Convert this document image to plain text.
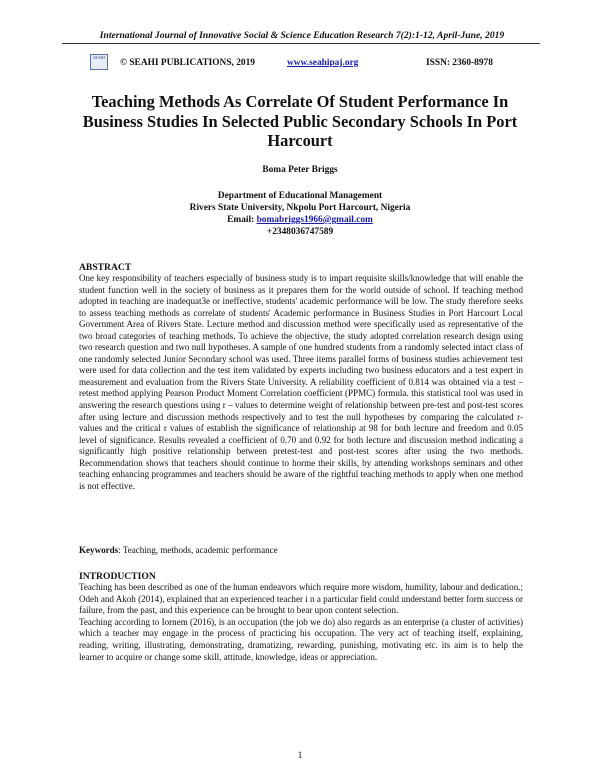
International Journal of Innovative Social & Science Education Research 7(2):1-12, April-June, 2019
SEAHI
© SEAHI PUBLICATIONS, 2019	www.seahipaj.org	ISSN: 2360-8978
Teaching Methods As Correlate Of Student Performance In Business Studies In Selected Public Secondary Schools In Port Harcourt
Boma Peter Briggs
Department of Educational Management
Rivers State University, Nkpolu Port Harcourt, Nigeria
Email: bomabriggs1966@gmail.com
+2348036747589
ABSTRACT

One key responsibility of teachers especially of business study is to impart requisite skills/knowledge that will enable the student function well in the society of business as it prepares them for the world outside of school. If teaching method adopted in teaching are inadequat3e or ineffective, students' academic performance will be low. The study therefore seeks to assess teaching methods as correlate of students' Academic performance in Business Studies in Port Harcourt Local Government Area of Rivers State. Lecture method and discussion method were specifically used as representative of the two broad categories of teaching methods. To achieve the objective, the study adopted correlation research design using two research question and two null hypotheses. A sample of one hundred students from a randomly selected intact class of one randomly selected Junior Secondary school was used. Three items parallel forms of business studies achievement test were used for data collection and the test item validated by experts including two business educators and a test expert in measurement and evaluation from the Rivers State University. A reliability coefficient of 0.814 was obtained via a test – retest method applying Pearson Product Moment Correlation coefficient (PPMC) formula. this statistical tool was used in answering the research questions using r – values to determine weight of relationship between pre-test and post-test scores after using lecture and discussion methods respectively and to test the null hypotheses by comparing the calculated r-values and the critical r values of establish the significance of relationship at 98 for both lecture and freedom and 0.05 level of significance. Results revealed a coefficient of 0.70 and 0.92 for both lecture and discussion method indicating a significantly high positive relationship between pretest-test and post-test scores after using the two methods. Recommendation shows that teachers should continue to horme their skills, by attending workshops seminars and other teaching enhancing programmes and teachers should be aware of the rightful teaching methods to apply when one method is not effective.

Keywords: Teaching, methods, academic performance
INTRODUCTION

Teaching has been described as one of the human endeavors which require more wisdom, humility, labour and dedication.; Odeh and Akoh (2014), explained that an experienced teacher i n a particular field could understand better form success or failure, from the past, and this experience can be brought to bear upon content selection.

Teaching according to Iornem (2016), is an occupation (the job we do) also regards as an enterprise (a cluster of activities) which a teacher may engage in the process of practicing his occupation. The very act of teaching itself, explaining, reading, writing, illustrating, demonstrating, dramatizing, rewarding, punishing, motivating etc. its aim is to help the learner to acquire or change some skill, attitude, knowledge, ideas or appreciation.

1
